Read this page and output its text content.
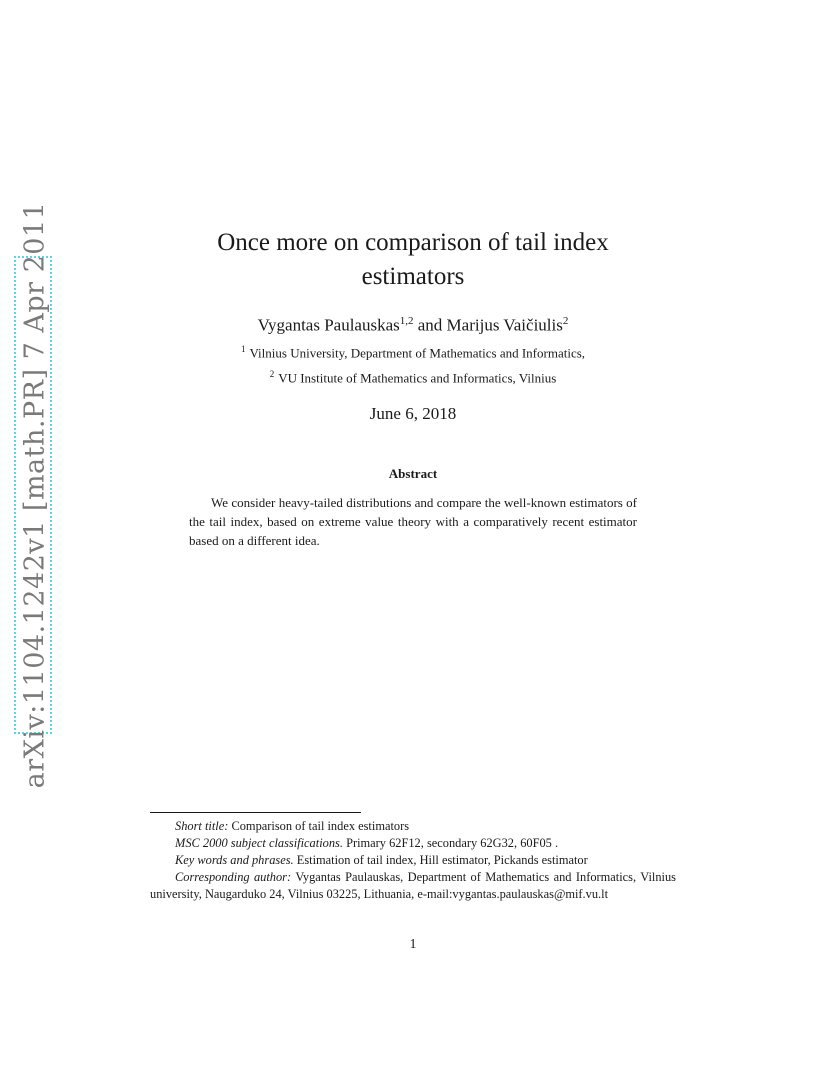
arXiv:1104.1242v1 [math.PR] 7 Apr 2011	Once more on comparison of tail index
estimators
Vygantas Paulauskas$^{1,2}$ and Marijus Vaičiulis$^2$
$^1$ Vilnius University, Department of Mathematics and Informatics,
$^2$ VU Institute of Mathematics and Informatics, Vilnius
June 6, 2018
Abstract
We consider heavy-tailed distributions and compare the well-known estimators of the tail index, based on extreme value theory with a comparatively recent estimator based on a different idea.
Short title: Comparison of tail index estimators
MSC 2000 subject classifications. Primary 62F12, secondary 62G32, 60F05 .
Key words and phrases. Estimation of tail index, Hill estimator, Pickands estimator
Corresponding author: Vygantas Paulauskas, Department of Mathematics and Informatics, Vilnius university, Naugarduko 24, Vilnius 03225, Lithuania, e-mail:vygantas.paulauskas@mif.vu.lt
1
